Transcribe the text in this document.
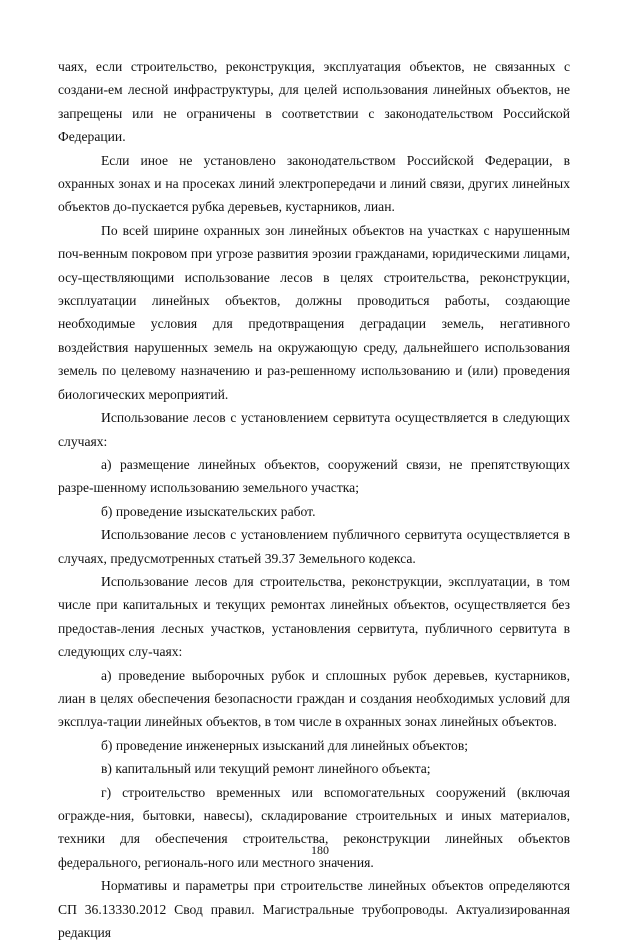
чаях, если строительство, реконструкция, эксплуатация объектов, не связанных с создани-ем лесной инфраструктуры, для целей использования линейных объектов, не запрещены или не ограничены в соответствии с законодательством Российской Федерации.

Если иное не установлено законодательством Российской Федерации, в охранных зонах и на просеках линий электропередачи и линий связи, других линейных объектов до-пускается рубка деревьев, кустарников, лиан.

По всей ширине охранных зон линейных объектов на участках с нарушенным поч-венным покровом при угрозе развития эрозии гражданами, юридическими лицами, осу-ществляющими использование лесов в целях строительства, реконструкции, эксплуатации линейных объектов, должны проводиться работы, создающие необходимые условия для предотвращения деградации земель, негативного воздействия нарушенных земель на окружающую среду, дальнейшего использования земель по целевому назначению и раз-решенному использованию и (или) проведения биологических мероприятий.

Использование лесов с установлением сервитута осуществляется в следующих случаях:

а) размещение линейных объектов, сооружений связи, не препятствующих разре-шенному использованию земельного участка;

б) проведение изыскательских работ.

Использование лесов с установлением публичного сервитута осуществляется в случаях, предусмотренных статьей 39.37 Земельного кодекса.

Использование лесов для строительства, реконструкции, эксплуатации, в том числе при капитальных и текущих ремонтах линейных объектов, осуществляется без предостав-ления лесных участков, установления сервитута, публичного сервитута в следующих слу-чаях:

а) проведение выборочных рубок и сплошных рубок деревьев, кустарников, лиан в целях обеспечения безопасности граждан и создания необходимых условий для эксплуа-тации линейных объектов, в том числе в охранных зонах линейных объектов.

б) проведение инженерных изысканий для линейных объектов;

в) капитальный или текущий ремонт линейного объекта;

г) строительство временных или вспомогательных сооружений (включая огражде-ния, бытовки, навесы), складирование строительных и иных материалов, техники для обеспечения строительства, реконструкции линейных объектов федерального, региональ-ного или местного значения.

Нормативы и параметры при строительстве линейных объектов определяются СП 36.13330.2012 Свод правил. Магистральные трубопроводы. Актуализированная редакция

180
